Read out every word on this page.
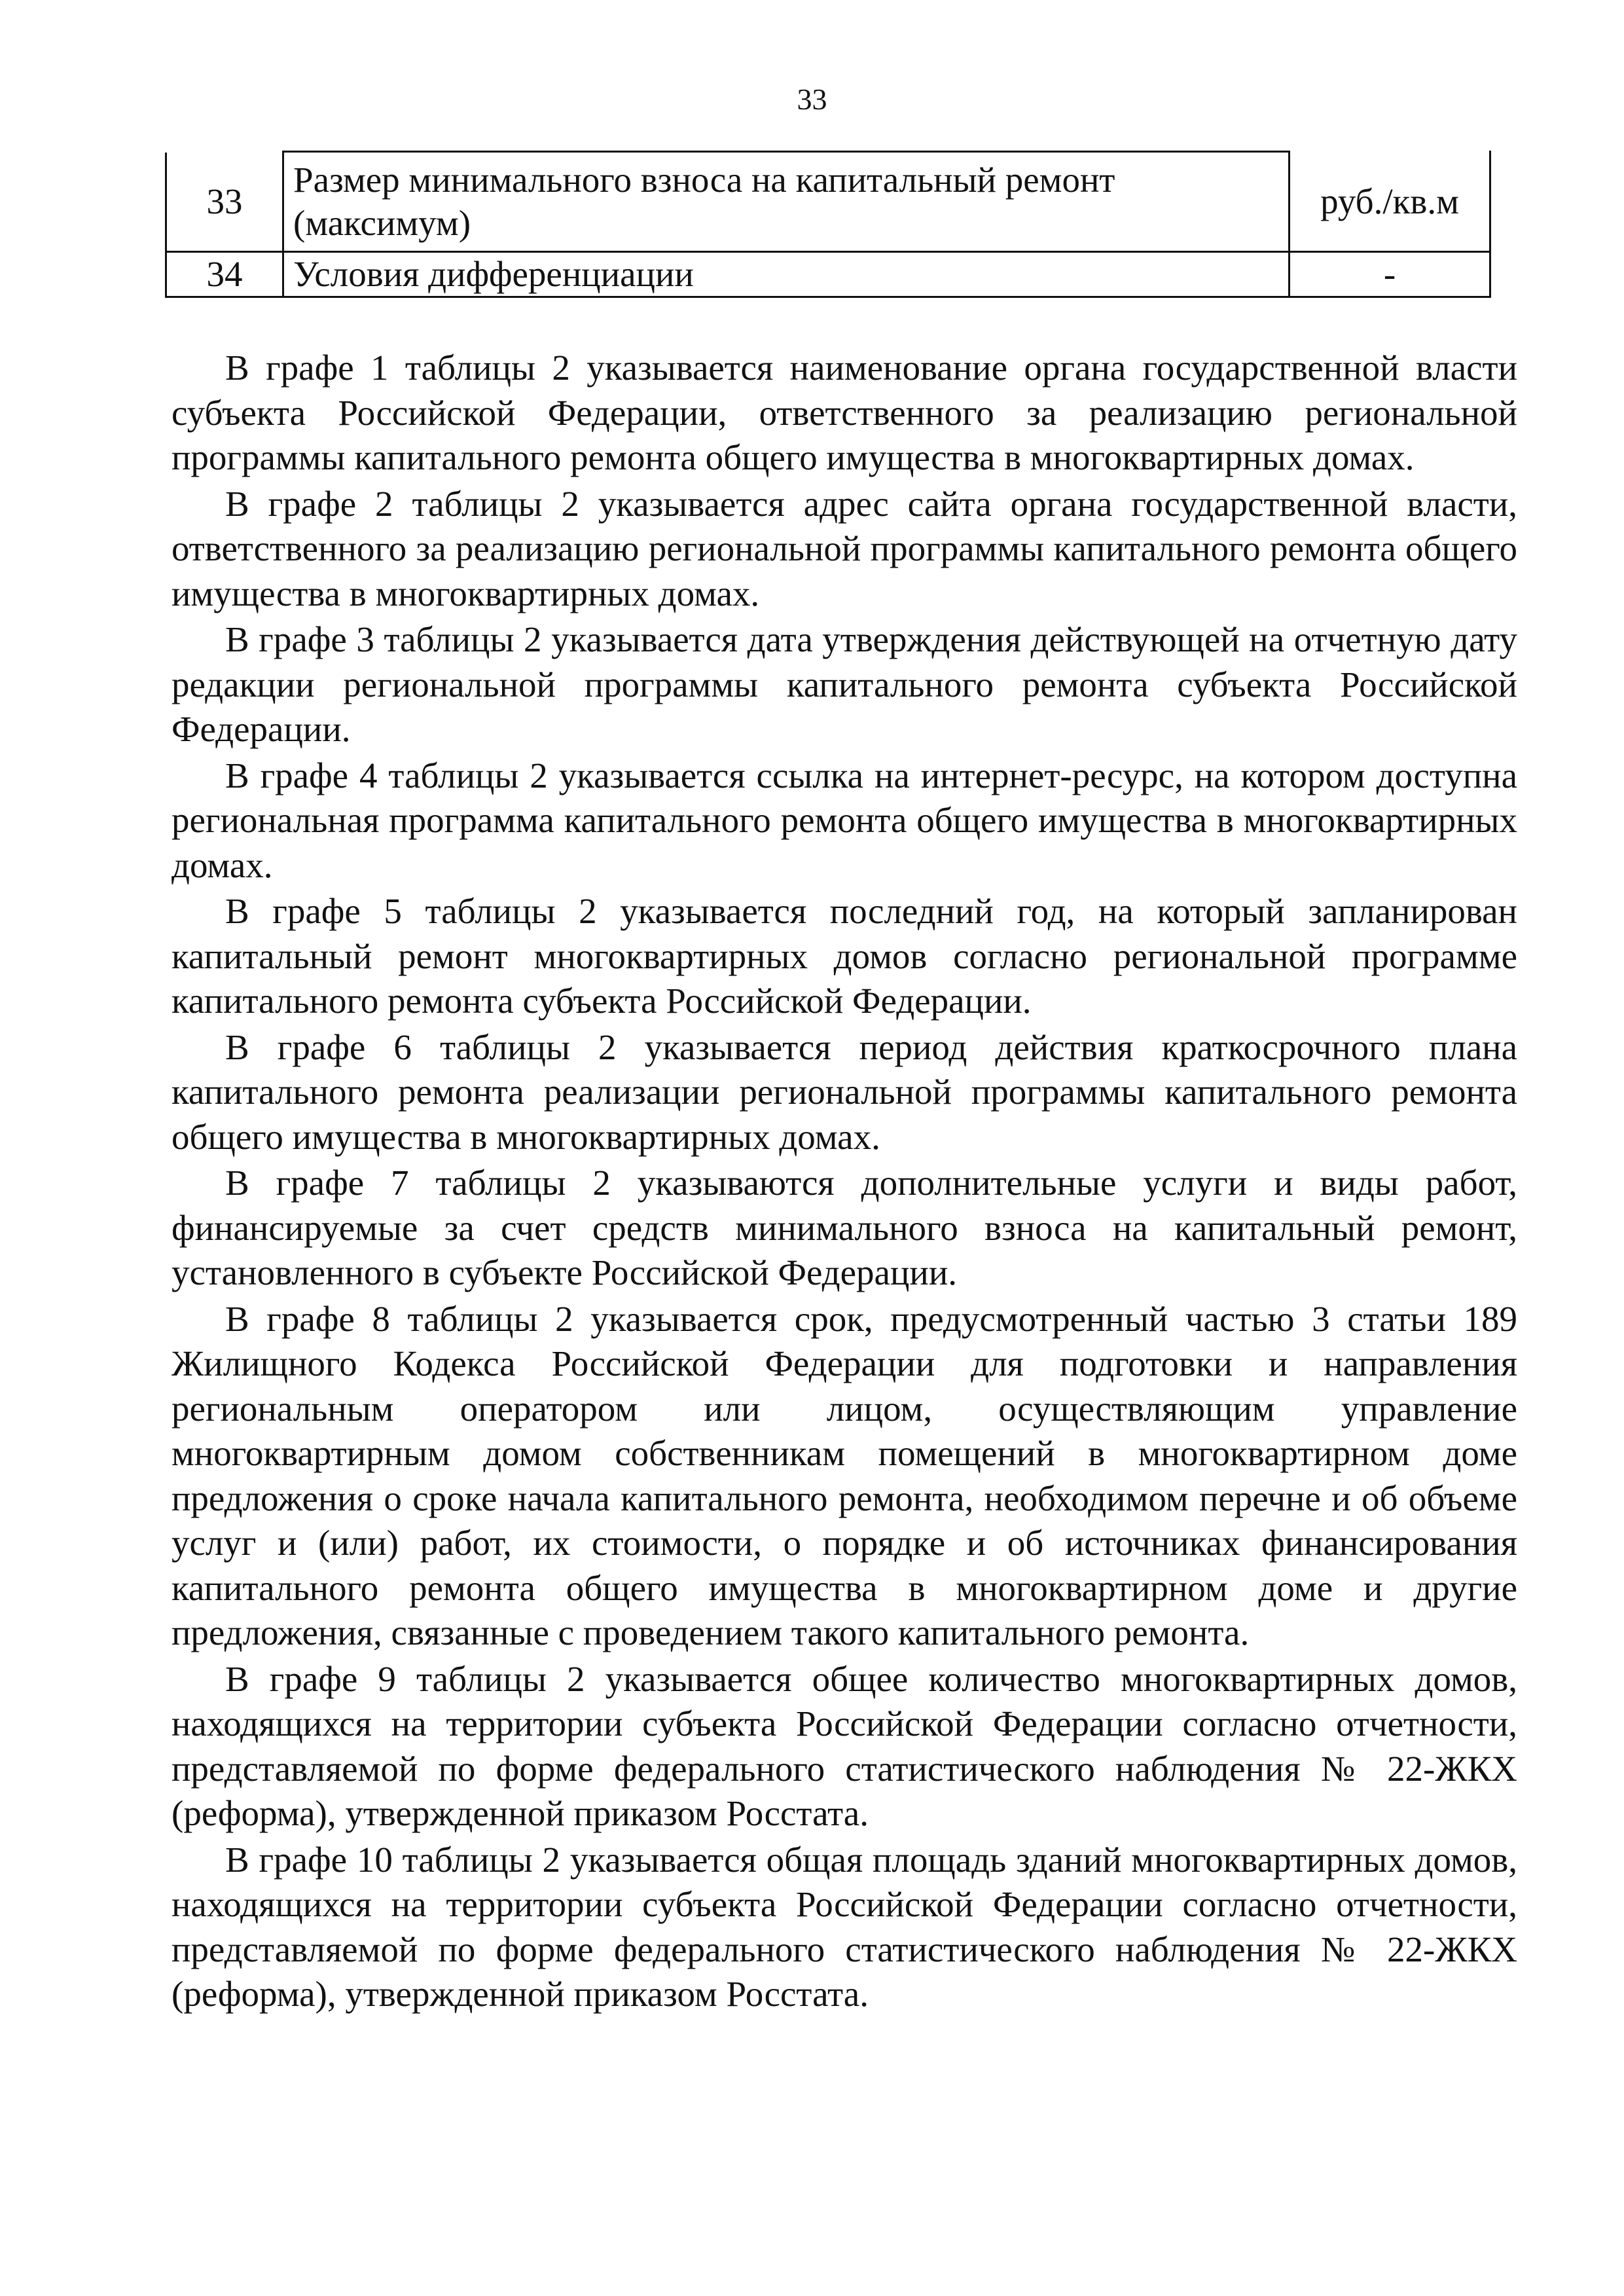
33
33	Размер минимального взноса на капитальный ремонт (максимум)	руб./кв.м
34	Условия дифференциации	-

В графе 1 таблицы 2 указывается наименование органа государственной власти субъекта Российской Федерации, ответственного за реализацию региональной программы капитального ремонта общего имущества в многоквартирных домах.

В графе 2 таблицы 2 указывается адрес сайта органа государственной власти, ответственного за реализацию региональной программы капитального ремонта общего имущества в многоквартирных домах.

В графе 3 таблицы 2 указывается дата утверждения действующей на отчетную дату редакции региональной программы капитального ремонта субъекта Российской Федерации.

В графе 4 таблицы 2 указывается ссылка на интернет-ресурс, на котором доступна региональная программа капитального ремонта общего имущества в многоквартирных домах.

В графе 5 таблицы 2 указывается последний год, на который запланирован капитальный ремонт многоквартирных домов согласно региональной программе капитального ремонта субъекта Российской Федерации.

В графе 6 таблицы 2 указывается период действия краткосрочного плана капитального ремонта реализации региональной программы капитального ремонта общего имущества в многоквартирных домах.

В графе 7 таблицы 2 указываются дополнительные услуги и виды работ, финансируемые за счет средств минимального взноса на капитальный ремонт, установленного в субъекте Российской Федерации.

В графе 8 таблицы 2 указывается срок, предусмотренный частью 3 статьи 189 Жилищного Кодекса Российской Федерации для подготовки и направления региональным оператором или лицом, осуществляющим управление многоквартирным домом собственникам помещений в многоквартирном доме предложения о сроке начала капитального ремонта, необходимом перечне и об объеме услуг и (или) работ, их стоимости, о порядке и об источниках финансирования капитального ремонта общего имущества в многоквартирном доме и другие предложения, связанные с проведением такого капитального ремонта.

В графе 9 таблицы 2 указывается общее количество многоквартирных домов, находящихся на территории субъекта Российской Федерации согласно отчетности, представляемой по форме федерального статистического наблюдения № 22-ЖКХ (реформа), утвержденной приказом Росстата.

В графе 10 таблицы 2 указывается общая площадь зданий многоквартирных домов, находящихся на территории субъекта Российской Федерации согласно отчетности, представляемой по форме федерального статистического наблюдения № 22-ЖКХ (реформа), утвержденной приказом Росстата.
